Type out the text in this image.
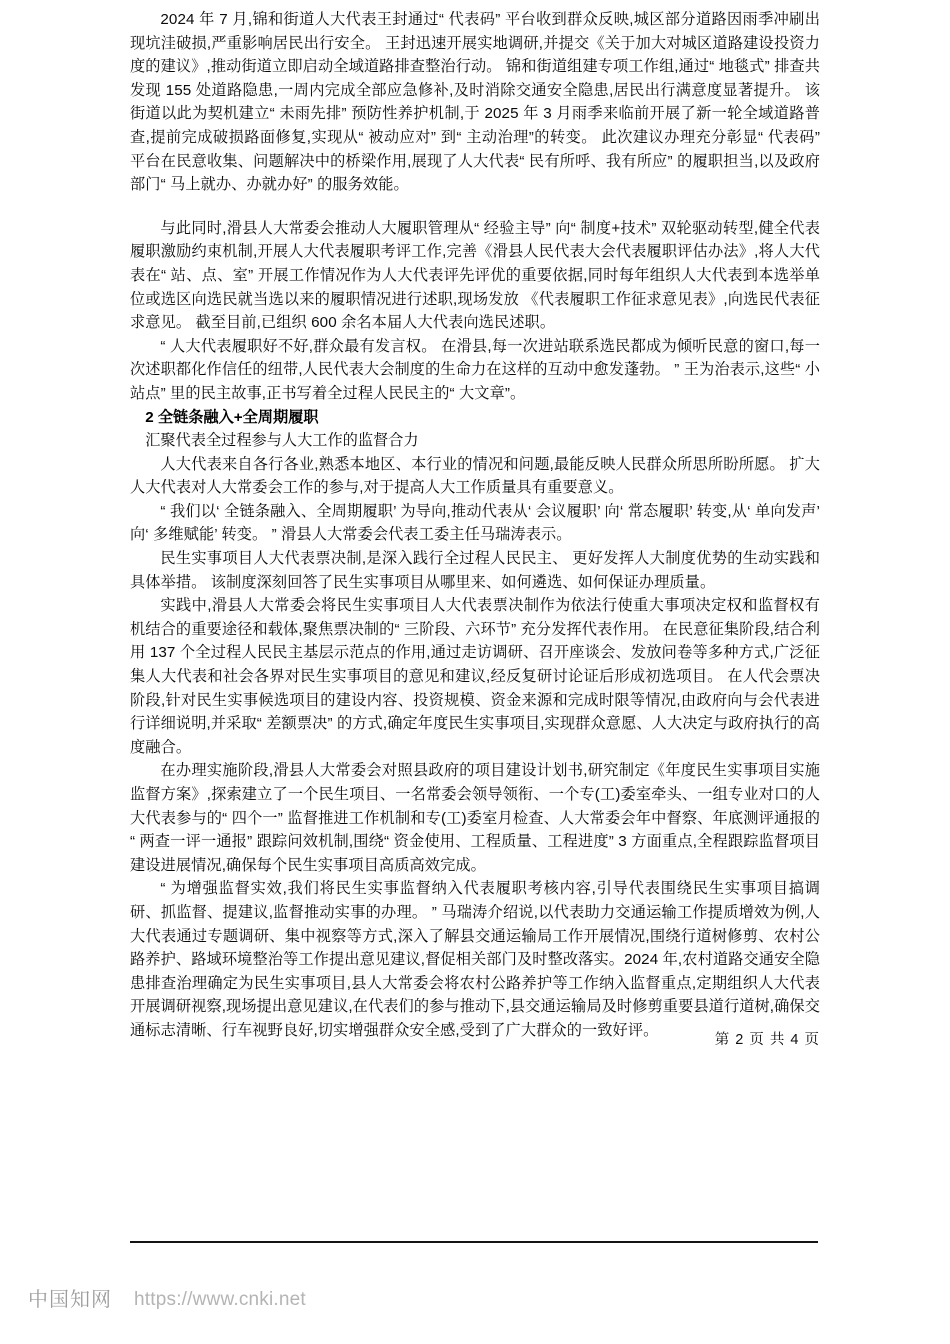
2024 年 7 月,锦和街道人大代表王封通过“ 代表码” 平台收到群众反映,城区部分道路因雨季冲刷出现坑洼破损,严重影响居民出行安全。 王封迅速开展实地调研,并提交《关于加大对城区道路建设投资力度的建议》,推动街道立即启动全域道路排查整治行动。 锦和街道组建专项工作组,通过“ 地毯式” 排查共发现 155 处道路隐患,一周内完成全部应急修补,及时消除交通安全隐患,居民出行满意度显著提升。 该街道以此为契机建立“ 未雨先排” 预防性养护机制,于 2025 年 3 月雨季来临前开展了新一轮全域道路普查,提前完成破损路面修复,实现从“ 被动应对” 到“ 主动治理”的转变。 此次建议办理充分彰显“ 代表码” 平台在民意收集、问题解决中的桥梁作用,展现了人大代表“ 民有所呼、我有所应” 的履职担当,以及政府部门“ 马上就办、办就办好” 的服务效能。

与此同时,滑县人大常委会推动人大履职管理从“ 经验主导” 向“ 制度+技术” 双轮驱动转型,健全代表履职激励约束机制,开展人大代表履职考评工作,完善《滑县人民代表大会代表履职评估办法》,将人大代表在“ 站、点、室” 开展工作情况作为人大代表评先评优的重要依据,同时每年组织人大代表到本选举单位或选区向选民就当选以来的履职情况进行述职,现场发放 《代表履职工作征求意见表》,向选民代表征求意见。 截至目前,已组织 600 余名本届人大代表向选民述职。

“ 人大代表履职好不好,群众最有发言权。 在滑县,每一次进站联系选民都成为倾听民意的窗口,每一次述职都化作信任的纽带,人民代表大会制度的生命力在这样的互动中愈发蓬勃。 ” 王为治表示,这些“ 小站点” 里的民主故事,正书写着全过程人民民主的“ 大文章”。

2 全链条融入+全周期履职

汇聚代表全过程参与人大工作的监督合力

人大代表来自各行各业,熟悉本地区、本行业的情况和问题,最能反映人民群众所思所盼所愿。 扩大人大代表对人大常委会工作的参与,对于提高人大工作质量具有重要意义。

“ 我们以‘ 全链条融入、全周期履职’ 为导向,推动代表从‘ 会议履职’ 向‘ 常态履职’ 转变,从‘ 单向发声’ 向‘ 多维赋能’ 转变。 ” 滑县人大常委会代表工委主任马瑞涛表示。

民生实事项目人大代表票决制,是深入践行全过程人民民主、 更好发挥人大制度优势的生动实践和具体举措。 该制度深刻回答了民生实事项目从哪里来、如何遴选、如何保证办理质量。

实践中,滑县人大常委会将民生实事项目人大代表票决制作为依法行使重大事项决定权和监督权有机结合的重要途径和载体,聚焦票决制的“ 三阶段、六环节” 充分发挥代表作用。 在民意征集阶段,结合利用 137 个全过程人民民主基层示范点的作用,通过走访调研、召开座谈会、发放问卷等多种方式,广泛征集人大代表和社会各界对民生实事项目的意见和建议,经反复研讨论证后形成初选项目。 在人代会票决阶段,针对民生实事候选项目的建设内容、投资规模、资金来源和完成时限等情况,由政府向与会代表进行详细说明,并采取“ 差额票决” 的方式,确定年度民生实事项目,实现群众意愿、人大决定与政府执行的高度融合。

在办理实施阶段,滑县人大常委会对照县政府的项目建设计划书,研究制定《年度民生实事项目实施监督方案》,探索建立了一个民生项目、一名常委会领导领衔、一个专(工)委室牵头、一组专业对口的人大代表参与的“ 四个一” 监督推进工作机制和专(工)委室月检查、人大常委会年中督察、年底测评通报的“ 两查一评一通报” 跟踪问效机制,围绕“ 资金使用、工程质量、工程进度” 3 方面重点,全程跟踪监督项目建设进展情况,确保每个民生实事项目高质高效完成。

“ 为增强监督实效,我们将民生实事监督纳入代表履职考核内容,引导代表围绕民生实事项目搞调研、抓监督、提建议,监督推动实事的办理。 ” 马瑞涛介绍说,以代表助力交通运输工作提质增效为例,人大代表通过专题调研、集中视察等方式,深入了解县交通运输局工作开展情况,围绕行道树修剪、农村公路养护、路域环境整治等工作提出意见建议,督促相关部门及时整改落实。2024 年,农村道路交通安全隐患排查治理确定为民生实事项目,县人大常委会将农村公路养护等工作纳入监督重点,定期组织人大代表开展调研视察,现场提出意见建议,在代表们的参与推动下,县交通运输局及时修剪重要县道行道树,确保交通标志清晰、行车视野良好,切实增强群众安全感,受到了广大群众的一致好评。

第 2 页 共 4 页
中国知网 https://www.cnki.net
